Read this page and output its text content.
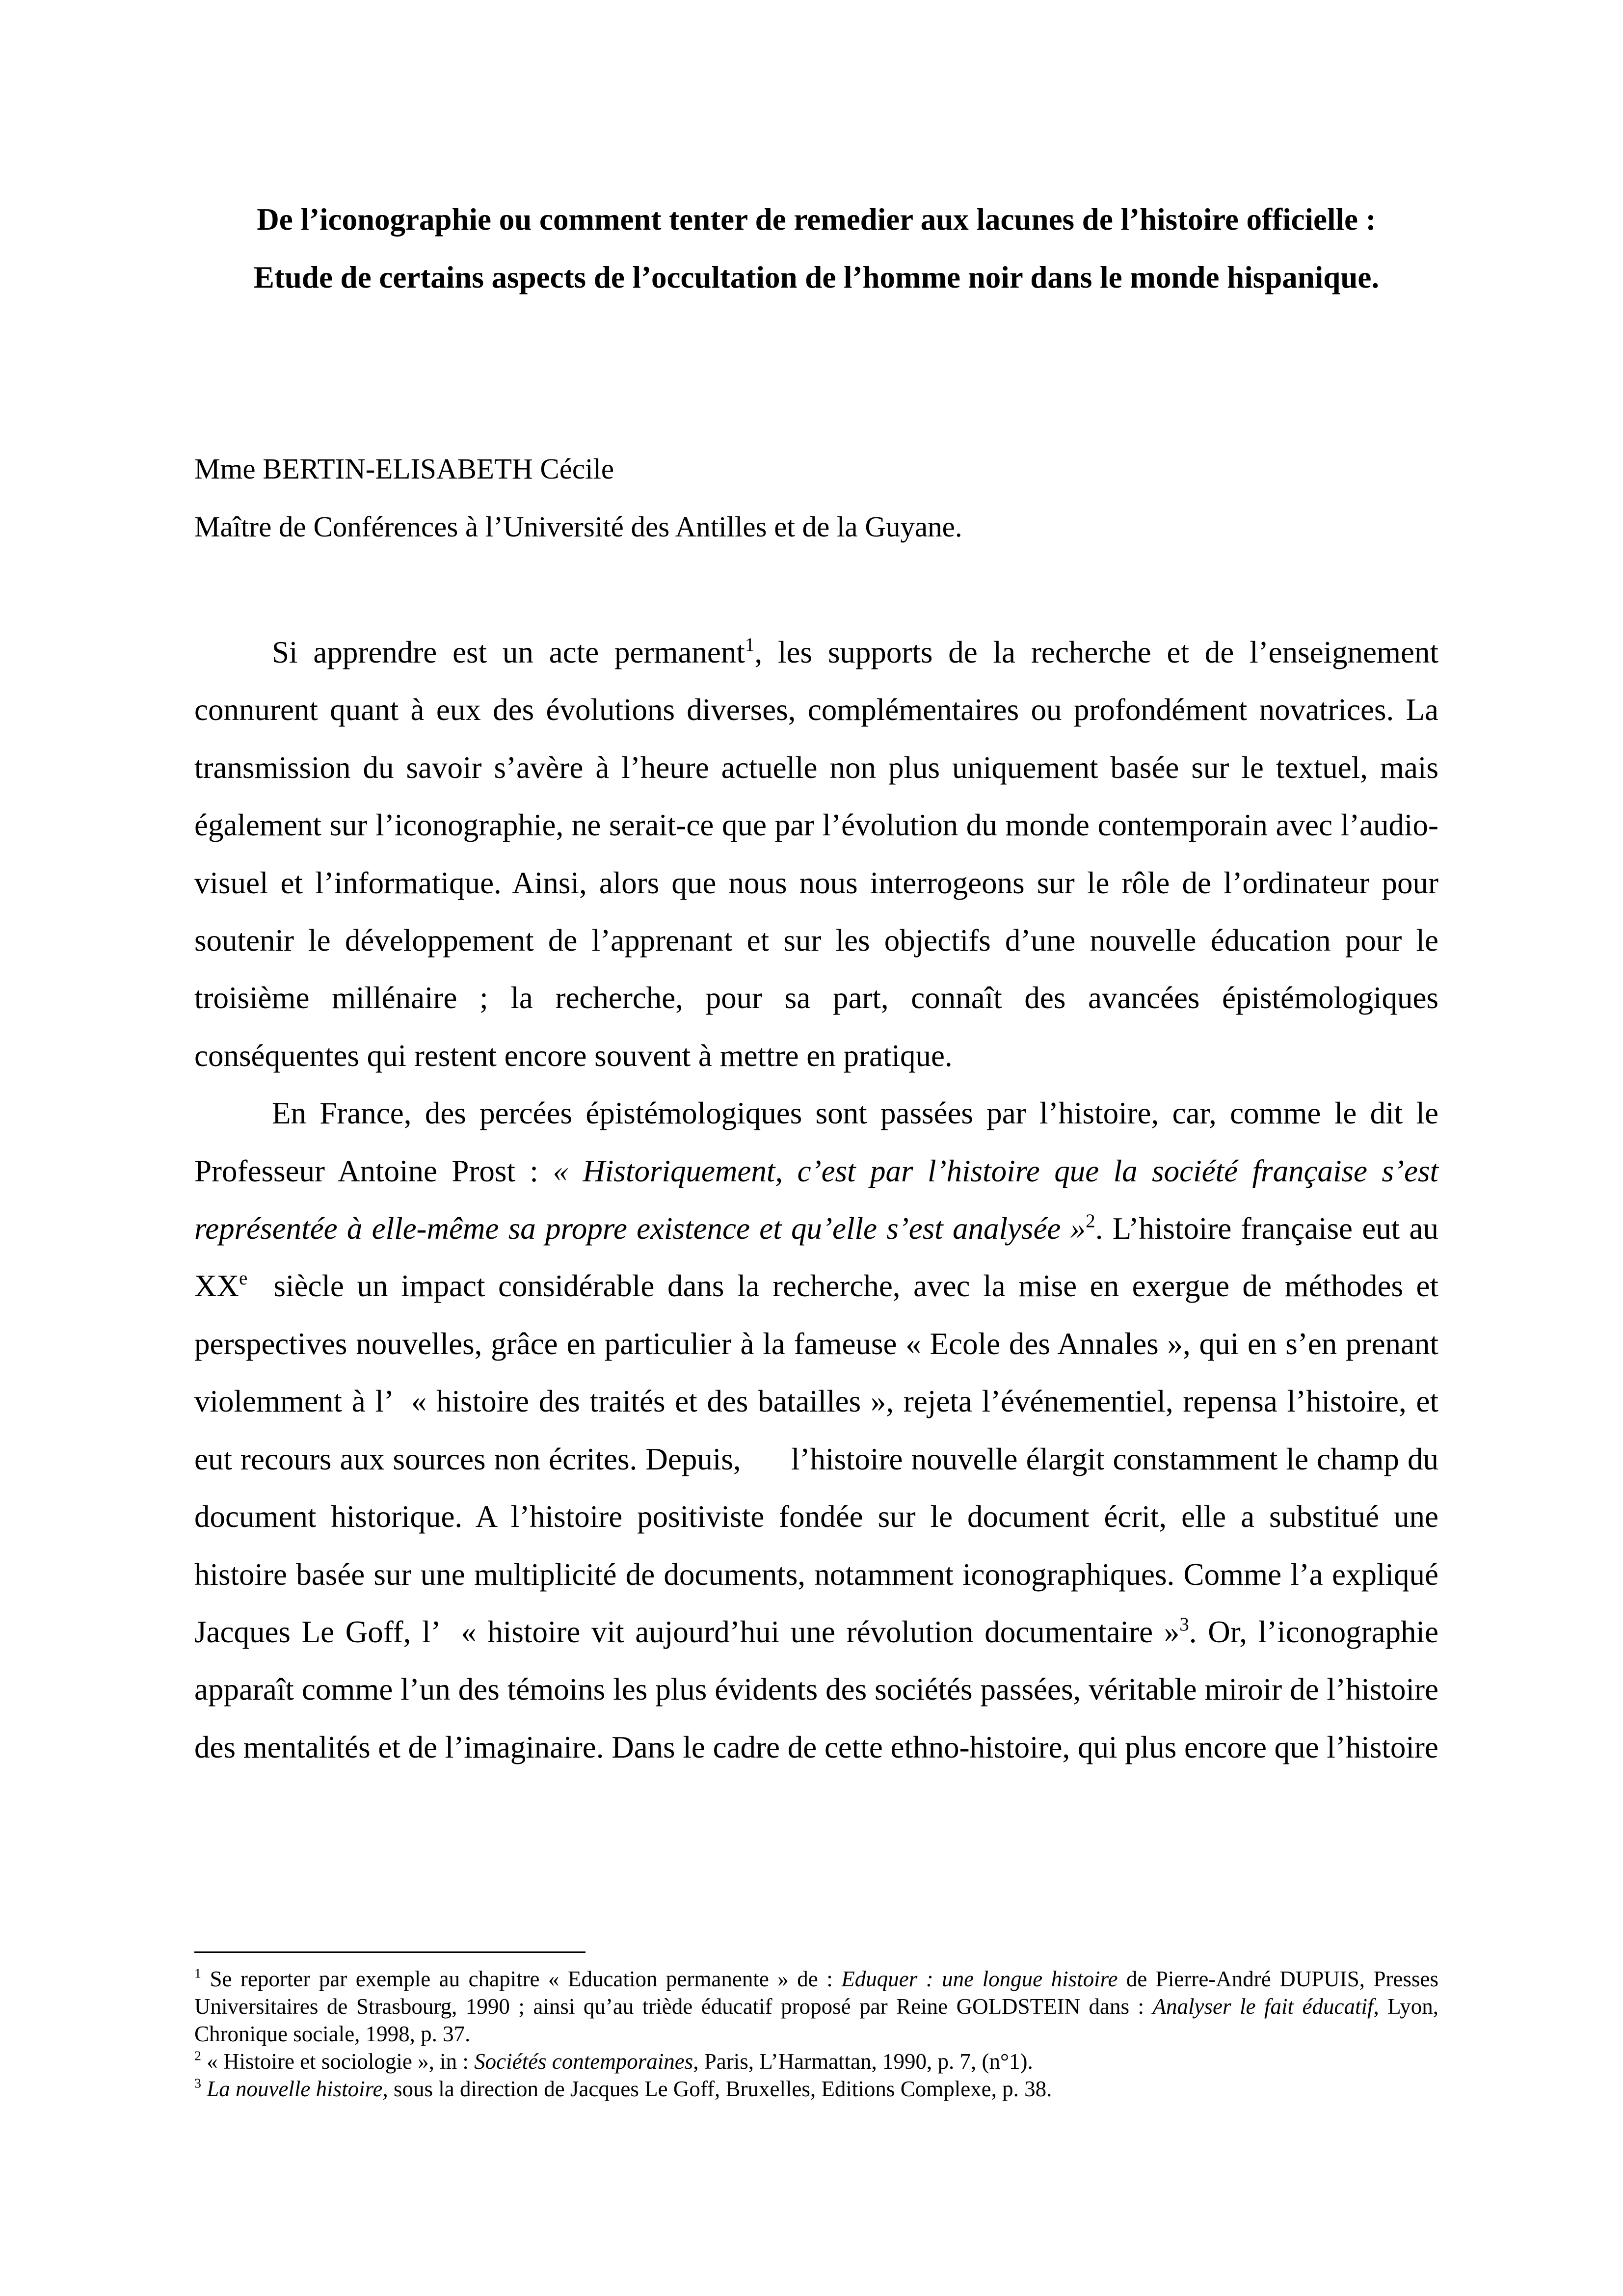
De l’iconographie ou comment tenter de remedier aux lacunes de l’histoire officielle :
Etude de certains aspects de l’occultation de l’homme noir dans le monde hispanique.
Mme BERTIN-ELISABETH Cécile
Maître de Conférences à l’Université des Antilles et de la Guyane.

Si apprendre est un acte permanent$^1$, les supports de la recherche et de l’enseignement connurent quant à eux des évolutions diverses, complémentaires ou profondément novatrices. La transmission du savoir s’avère à l’heure actuelle non plus uniquement basée sur le textuel, mais également sur l’iconographie, ne serait-ce que par l’évolution du monde contemporain avec l’audio-visuel et l’informatique. Ainsi, alors que nous nous interrogeons sur le rôle de l’ordinateur pour soutenir le développement de l’apprenant et sur les objectifs d’une nouvelle éducation pour le troisième millénaire ; la recherche, pour sa part, connaît des avancées épistémologiques conséquentes qui restent encore souvent à mettre en pratique.

En France, des percées épistémologiques sont passées par l’histoire, car, comme le dit le Professeur Antoine Prost : « Historiquement, c’est par l’histoire que la société française s’est représentée à elle-même sa propre existence et qu’elle s’est analysée »$^2$. L’histoire française eut au XXe  siècle un impact considérable dans la recherche, avec la mise en exergue de méthodes et perspectives nouvelles, grâce en particulier à la fameuse « Ecole des Annales », qui en s’en prenant violemment à l’  « histoire des traités et des batailles », rejeta l’événementiel, repensa l’histoire, et eut recours aux sources non écrites. Depuis,      l’histoire nouvelle élargit constamment le champ du document historique. A l’histoire positiviste fondée sur le document écrit, elle a substitué une histoire basée sur une multiplicité de documents, notamment iconographiques. Comme l’a expliqué Jacques Le Goff, l’  « histoire vit aujourd’hui une révolution documentaire »$^3$. Or, l’iconographie apparaît comme l’un des témoins les plus évidents des sociétés passées, véritable miroir de l’histoire des mentalités et de l’imaginaire. Dans le cadre de cette ethno-histoire, qui plus encore que l’histoire

$^1$ Se reporter par exemple au chapitre « Education permanente » de : Eduquer : une longue histoire de Pierre-André DUPUIS, Presses Universitaires de Strasbourg, 1990 ; ainsi qu’au trièdе éducatif proposé par Reine GOLDSTEIN dans : Analyser le fait éducatif, Lyon, Chronique sociale, 1998, p. 37.
$^2$ « Histoire et sociologie », in : Sociétés contemporaines, Paris, L’Harmattan, 1990, p. 7, (n°1).
$^3$ La nouvelle histoire, sous la direction de Jacques Le Goff, Bruxelles, Editions Complexe, p. 38.
